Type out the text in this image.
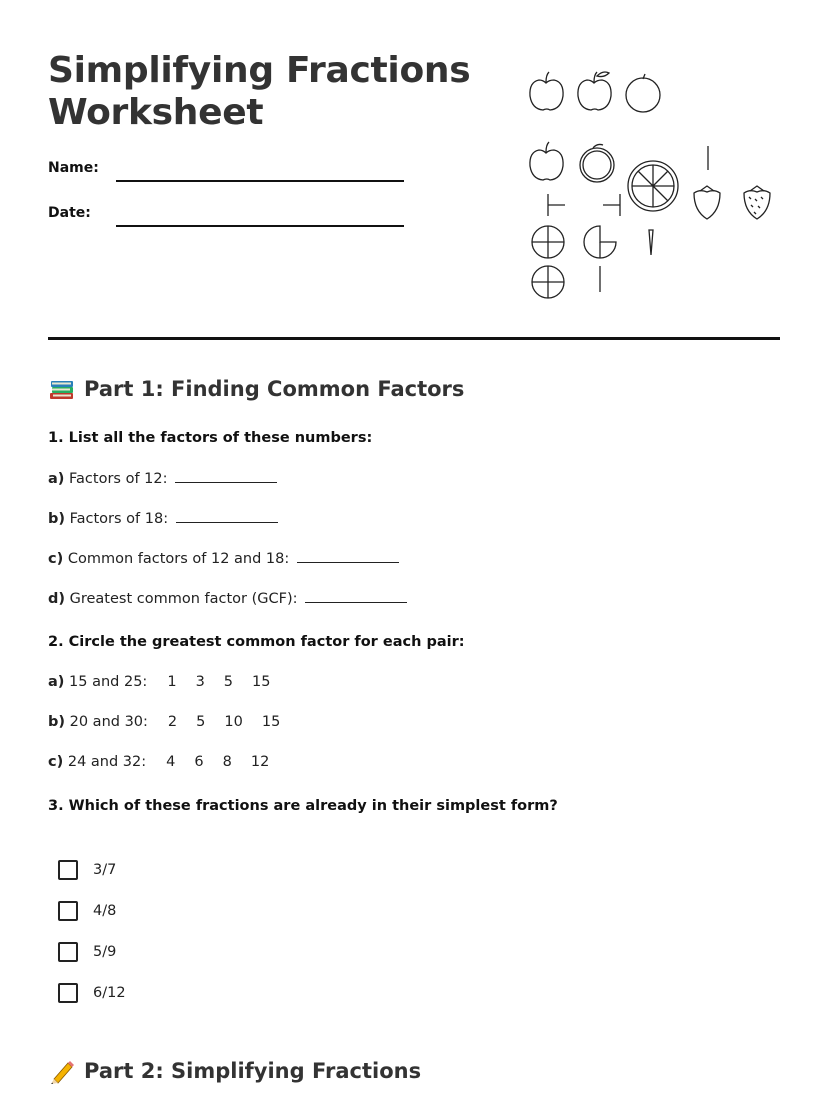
Simplifying Fractions
Worksheet
Name:
Date:
Part 1: Finding Common Factors

1. List all the factors of these numbers:

a) Factors of 12:

b) Factors of 18:

c) Common factors of 12 and 18:

d) Greatest common factor (GCF):

2. Circle the greatest common factor for each pair:

a) 15 and 25: 1 3 5 15

b) 20 and 30: 2 5 10 15

c) 24 and 32: 4 6 8 12

3. Which of these fractions are already in their simplest form?

3/7
4/8
5/9
6/12
Part 2: Simplifying Fractions
